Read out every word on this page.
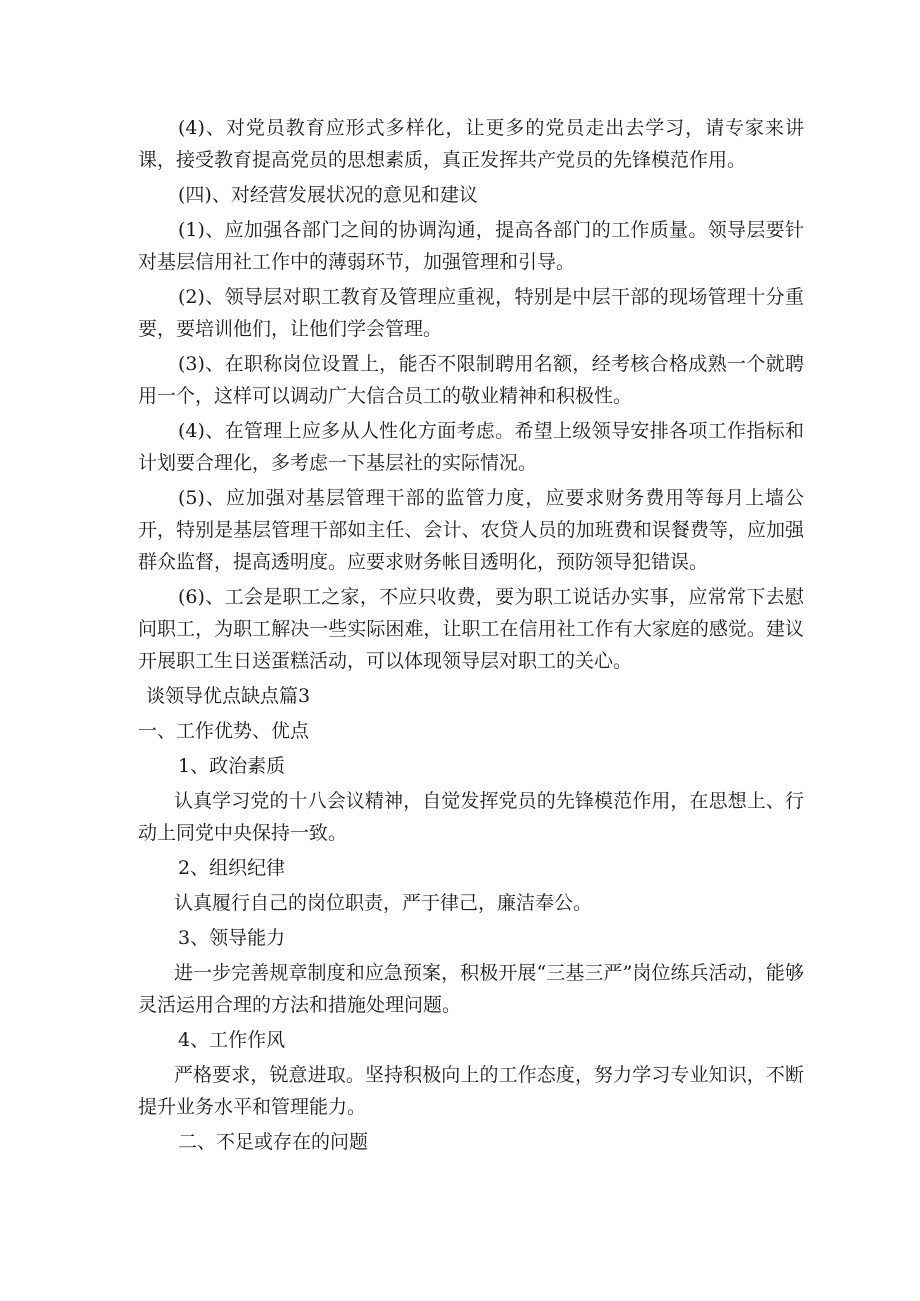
(4)、对党员教育应形式多样化，让更多的党员走出去学习，请专家来讲课，接受教育提高党员的思想素质，真正发挥共产党员的先锋模范作用。

(四)、对经营发展状况的意见和建议

(1)、应加强各部门之间的协调沟通，提高各部门的工作质量。领导层要针对基层信用社工作中的薄弱环节，加强管理和引导。

(2)、领导层对职工教育及管理应重视，特别是中层干部的现场管理十分重要，要培训他们，让他们学会管理。

(3)、在职称岗位设置上，能否不限制聘用名额，经考核合格成熟一个就聘用一个，这样可以调动广大信合员工的敬业精神和积极性。

(4)、在管理上应多从人性化方面考虑。希望上级领导安排各项工作指标和计划要合理化，多考虑一下基层社的实际情况。

(5)、应加强对基层管理干部的监管力度，应要求财务费用等每月上墙公开，特别是基层管理干部如主任、会计、农贷人员的加班费和误餐费等，应加强群众监督，提高透明度。应要求财务帐目透明化，预防领导犯错误。

(6)、工会是职工之家，不应只收费，要为职工说话办实事，应常常下去慰问职工，为职工解决一些实际困难，让职工在信用社工作有大家庭的感觉。建议开展职工生日送蛋糕活动，可以体现领导层对职工的关心。

谈领导优点缺点篇3

一、工作优势、优点

1、政治素质

认真学习党的十八会议精神，自觉发挥党员的先锋模范作用，在思想上、行动上同党中央保持一致。

2、组织纪律

认真履行自己的岗位职责，严于律己，廉洁奉公。

3、领导能力

进一步完善规章制度和应急预案，积极开展“三基三严”岗位练兵活动，能够灵活运用合理的方法和措施处理问题。

4、工作作风

严格要求，锐意进取。坚持积极向上的工作态度，努力学习专业知识，不断提升业务水平和管理能力。

二、不足或存在的问题
